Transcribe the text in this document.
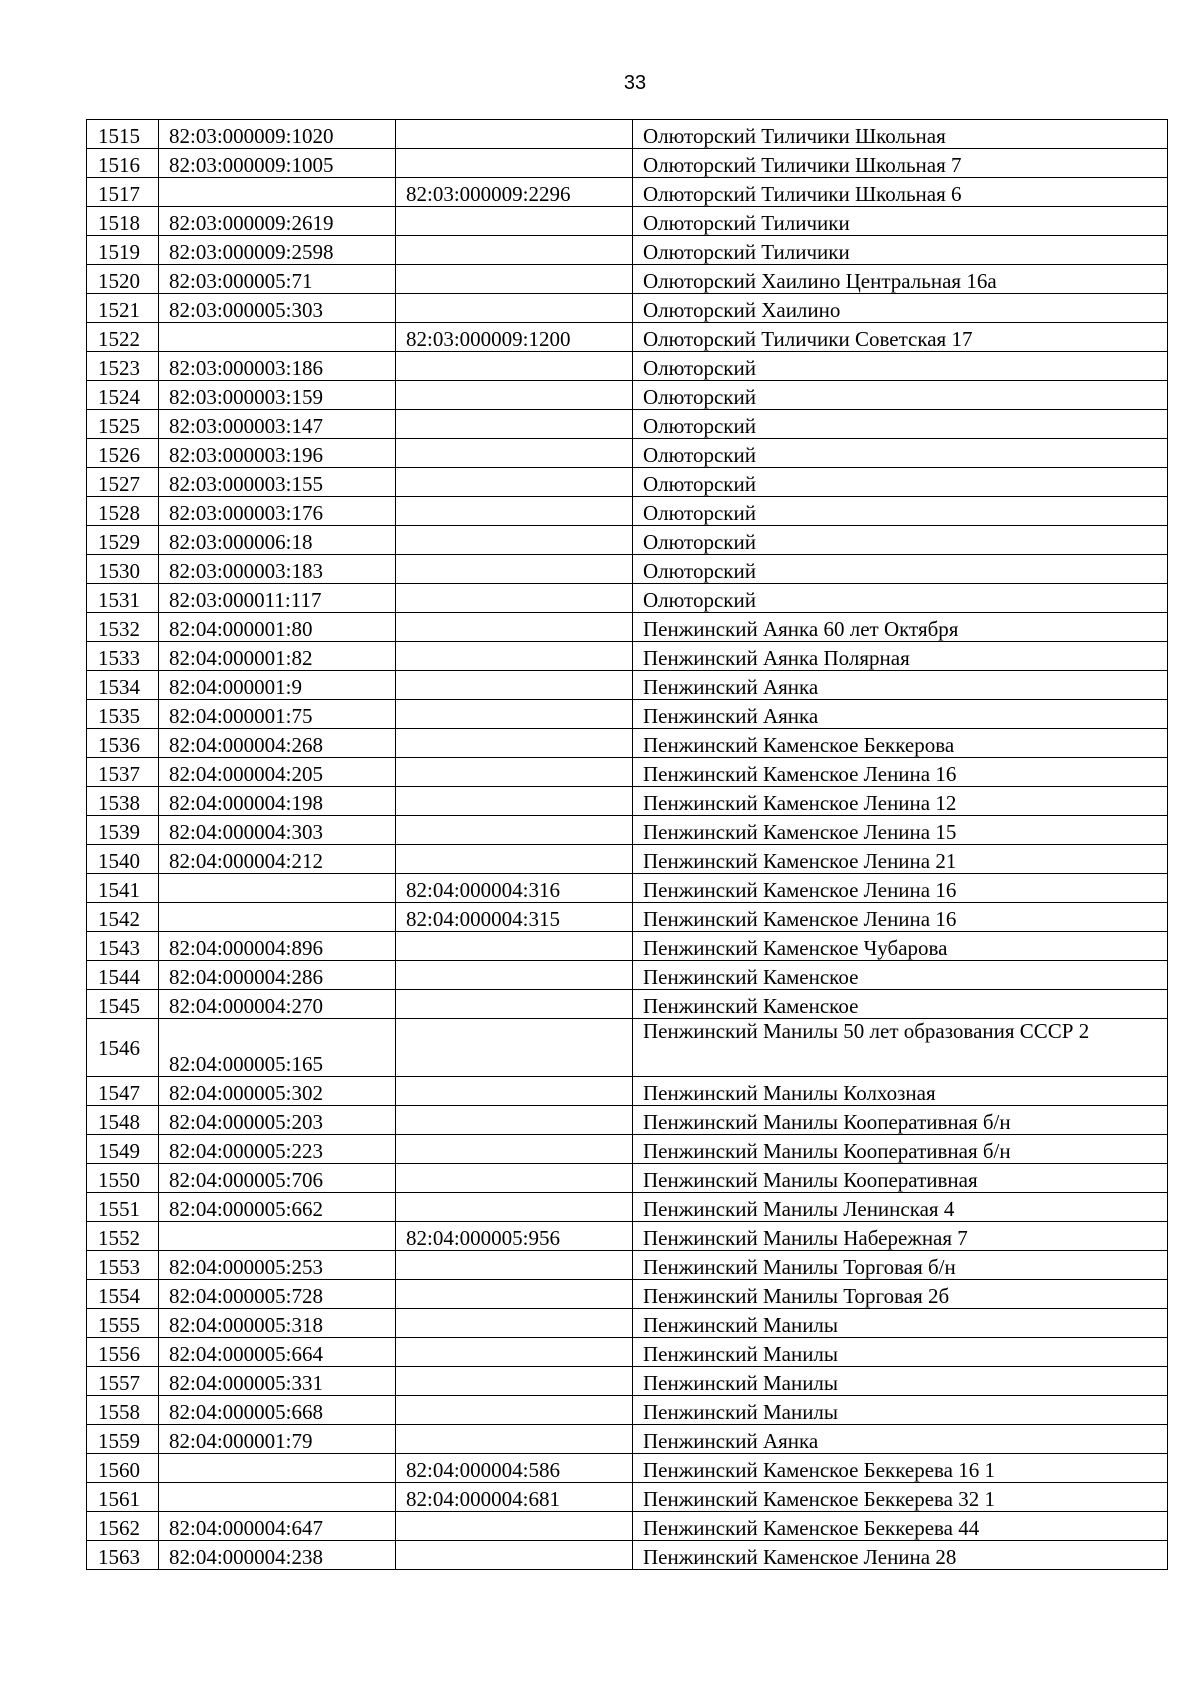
33
1515	82:03:000009:1020		Олюторский Тиличики Школьная
1516	82:03:000009:1005		Олюторский Тиличики Школьная 7
1517		82:03:000009:2296	Олюторский Тиличики Школьная 6
1518	82:03:000009:2619		Олюторский Тиличики
1519	82:03:000009:2598		Олюторский Тиличики
1520	82:03:000005:71		Олюторский Хаилино Центральная 16а
1521	82:03:000005:303		Олюторский Хаилино
1522		82:03:000009:1200	Олюторский Тиличики Советская 17
1523	82:03:000003:186		Олюторский
1524	82:03:000003:159		Олюторский
1525	82:03:000003:147		Олюторский
1526	82:03:000003:196		Олюторский
1527	82:03:000003:155		Олюторский
1528	82:03:000003:176		Олюторский
1529	82:03:000006:18		Олюторский
1530	82:03:000003:183		Олюторский
1531	82:03:000011:117		Олюторский
1532	82:04:000001:80		Пенжинский Аянка 60 лет Октября
1533	82:04:000001:82		Пенжинский Аянка Полярная
1534	82:04:000001:9		Пенжинский Аянка
1535	82:04:000001:75		Пенжинский Аянка
1536	82:04:000004:268		Пенжинский Каменское Беккерова
1537	82:04:000004:205		Пенжинский Каменское Ленина 16
1538	82:04:000004:198		Пенжинский Каменское Ленина 12
1539	82:04:000004:303		Пенжинский Каменское Ленина 15
1540	82:04:000004:212		Пенжинский Каменское Ленина 21
1541		82:04:000004:316	Пенжинский Каменское Ленина 16
1542		82:04:000004:315	Пенжинский Каменское Ленина 16
1543	82:04:000004:896		Пенжинский Каменское Чубарова
1544	82:04:000004:286		Пенжинский Каменское
1545	82:04:000004:270		Пенжинский Каменское
1546	82:04:000005:165		Пенжинский Манилы 50 лет образования СССР 2
1547	82:04:000005:302		Пенжинский Манилы Колхозная
1548	82:04:000005:203		Пенжинский Манилы Кооперативная б/н
1549	82:04:000005:223		Пенжинский Манилы Кооперативная б/н
1550	82:04:000005:706		Пенжинский Манилы Кооперативная
1551	82:04:000005:662		Пенжинский Манилы Ленинская 4
1552		82:04:000005:956	Пенжинский Манилы Набережная 7
1553	82:04:000005:253		Пенжинский Манилы Торговая б/н
1554	82:04:000005:728		Пенжинский Манилы Торговая 2б
1555	82:04:000005:318		Пенжинский Манилы
1556	82:04:000005:664		Пенжинский Манилы
1557	82:04:000005:331		Пенжинский Манилы
1558	82:04:000005:668		Пенжинский Манилы
1559	82:04:000001:79		Пенжинский Аянка
1560		82:04:000004:586	Пенжинский Каменское Беккерева 16 1
1561		82:04:000004:681	Пенжинский Каменское Беккерева 32 1
1562	82:04:000004:647		Пенжинский Каменское Беккерева 44
1563	82:04:000004:238		Пенжинский Каменское Ленина 28
